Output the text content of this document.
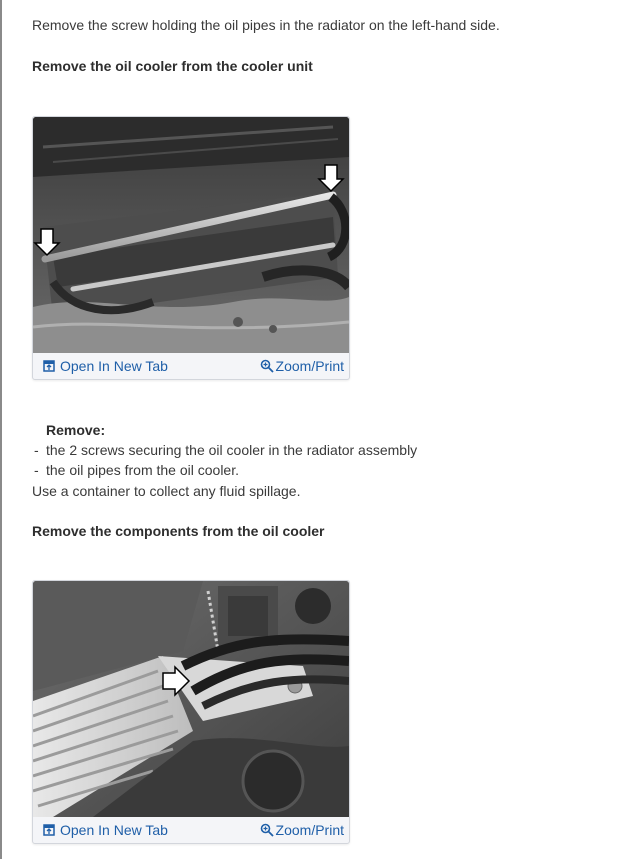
Remove the screw holding the oil pipes in the radiator on the left-hand side.

Remove the oil cooler from the cooler unit

Open In New Tab	Zoom/Print

Remove:

- the 2 screws securing the oil cooler in the radiator assembly
- the oil pipes from the oil cooler.

Use a container to collect any fluid spillage.

Remove the components from the oil cooler

Open In New Tab	Zoom/Print
